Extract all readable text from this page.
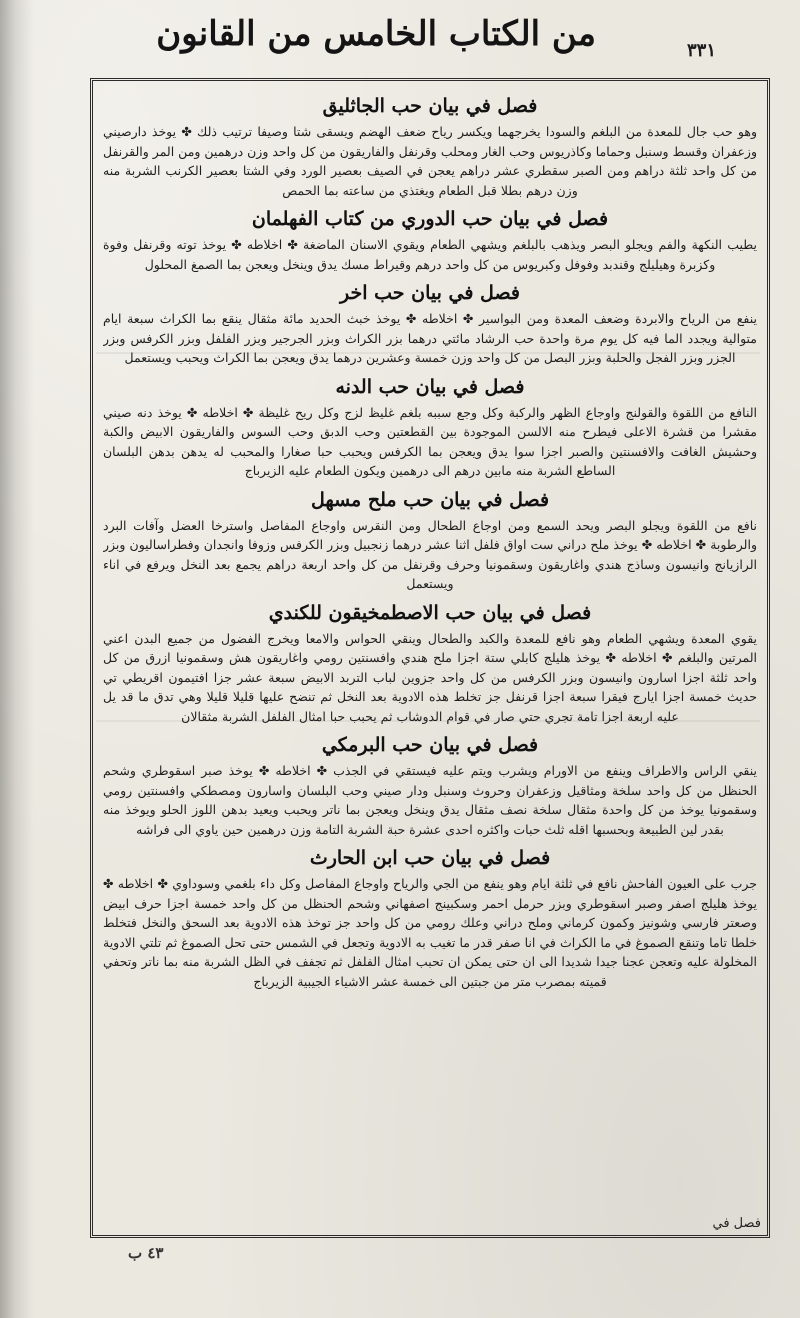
من الكتاب الخامس من القانون	٣٣١
فصل في بيان حب الجاثليق

وهو حب جال للمعدة من البلغم والسودا يخرجهما ويكسر رياح ضعف الهضم ويسقى شتا وصيفا ترتيب ذلك ✤ يوخذ دارصيني وزعفران وقسط وسنبل وحماما وكاذريوس وحب الغار ومحلب وقرنفل والفاريقون من كل واحد وزن درهمين ومن المر والقرنفل من كل واحد ثلثة دراهم ومن الصبر سقطري عشر دراهم يعجن في الصيف بعصير الورد وفي الشتا بعصير الكرنب الشربة منه وزن درهم بطلا قبل الطعام ويغتذي من ساعته بما الحمص

فصل في بيان حب الدوري من كتاب الفهلمان

يطيب النكهة والفم ويجلو البصر ويذهب بالبلغم ويشهي الطعام ويقوي الاسنان الماضغة ✤ اخلاطه ✤ يوخذ توته وقرنفل وفوة وكزبرة وهيليلج وقندبد وفوفل وكبريوس من كل واحد درهم وقيراط مسك يدق وينخل ويعجن بما الصمغ المحلول

فصل في بيان حب اخر

ينفع من الرياح والابردة وضعف المعدة ومن البواسير ✤ اخلاطه ✤ يوخذ خبث الحديد مائة مثقال ينقع بما الكراث سبعة ايام متوالية ويجدد الما فيه كل يوم مرة واحدة حب الرشاد مائتي درهما بزر الكراث وبزر الجرجير وبزر الفلفل وبزر الكرفس وبزر الجزر وبزر الفجل والحلبة وبزر البصل من كل واحد وزن خمسة وعشرين درهما يدق ويعجن بما الكراث ويحبب ويستعمل

فصل في بيان حب الدنه

النافع من اللقوة والقولنج واوجاع الظهر والركبة وكل وجع سببه بلغم غليظ لزج وكل ريح غليظة ✤ اخلاطه ✤ يوخذ دنه صيني مقشرا من قشرة الاعلى فيطرح منه الالسن الموجودة بين القطعتين وحب الدبق وحب السوس والفاريقون الابيض والكبة وحشيش الغافت والافسنتين والصبر اجزا سوا يدق ويعجن بما الكرفس ويحبب حبا صغارا والمحبب له يدهن بدهن البلسان الساطع الشربة منه مابين درهم الى درهمين ويكون الطعام عليه الزيرباج

فصل في بيان حب ملح مسهل

نافع من اللقوة ويجلو البصر ويحد السمع ومن اوجاع الطحال ومن النقرس واوجاع المفاصل واسترخا العضل وآفات البرد والرطوبة ✤ اخلاطه ✤ يوخذ ملح دراني ست اواق فلفل اثنا عشر درهما زنجبيل وبزر الكرفس وزوفا وانجدان وفطراساليون وبزر الرازيانج وانيسون وساذج هندي واغاريقون وسقمونيا وحرف وقرنفل من كل واحد اربعة دراهم يجمع بعد النخل ويرفع في اناء ويستعمل

فصل في بيان حب الاصطمخيقون للكندي

يقوي المعدة ويشهي الطعام وهو نافع للمعدة والكبد والطحال وينقي الحواس والامعا ويخرج الفضول من جميع البدن اعني المرتين والبلغم ✤ اخلاطه ✤ يوخذ هليلج كابلي ستة اجزا ملح هندي وافسنتين رومي واغاريقون هش وسقمونيا ازرق من كل واحد ثلثة اجزا اسارون وانيسون وبزر الكرفس من كل واحد جزوين لباب التربد الابيض سبعة عشر جزا افتيمون اقريطي تي حديث خمسة اجزا ايارج فيقرا سبعة اجزا قرنفل جز تخلط هذه الادوية بعد النخل ثم تنضح عليها قليلا قليلا وهي تدق ما قد يل عليه اربعة اجزا تامة تجري حتي صار في قوام الدوشاب ثم يحبب حبا امثال الفلفل الشربة مثقالان

فصل في بيان حب البرمكي

ينقي الراس والاطراف وينفع من الاورام ويشرب ويتم عليه فيستقي في الجذب ✤ اخلاطه ✤ يوخذ صبر اسقوطري وشحم الحنظل من كل واحد سلخة ومثاقيل وزعفران وحروث وسنبل ودار صيني وحب البلسان واسارون ومصطكي وافسنتين رومي وسقمونيا يوخذ من كل واحدة مثقال سلخة نصف مثقال يدق وينخل ويعجن بما ناتر ويحبب ويعيد بدهن اللوز الحلو ويوخذ منه بقدر لين الطبيعة وبحسبها اقله ثلث حبات واكثره احدى عشرة حبة الشربة التامة وزن درهمين حين ياوي الى فراشه

فصل في بيان حب ابن الحارث

جرب على العيون الفاحش نافع في ثلثة ايام وهو ينفع من الجي والرياح واوجاع المفاصل وكل داء بلغمي وسوداوي ✤ اخلاطه ✤ يوخذ هليلج اصفر وصبر اسقوطري وبزر حرمل احمر وسكبينج اصفهاني وشحم الحنظل من كل واحد خمسة اجزا حرف ابيض وصعتر فارسي وشونيز وكمون كرماني وملح دراني وعلك رومي من كل واحد جز توخذ هذه الادوية بعد السحق والنخل فتخلط خلطا تاما وتنقع الصموغ في ما الكراث في انا صفر قدر ما تغيب به الادوية وتجعل في الشمس حتى تحل الصموغ ثم تلتي الادوية المخلولة عليه وتعجن عجنا جيدا شديدا الى ان حتى يمكن ان تحبب امثال الفلفل ثم تجفف في الظل الشربة منه بما ناتر وتحفي قميته بمصرب متر من جبتين الى خمسة عشر الاشياء الجيبية الزيرباج

فصل في
٤٣ ب
